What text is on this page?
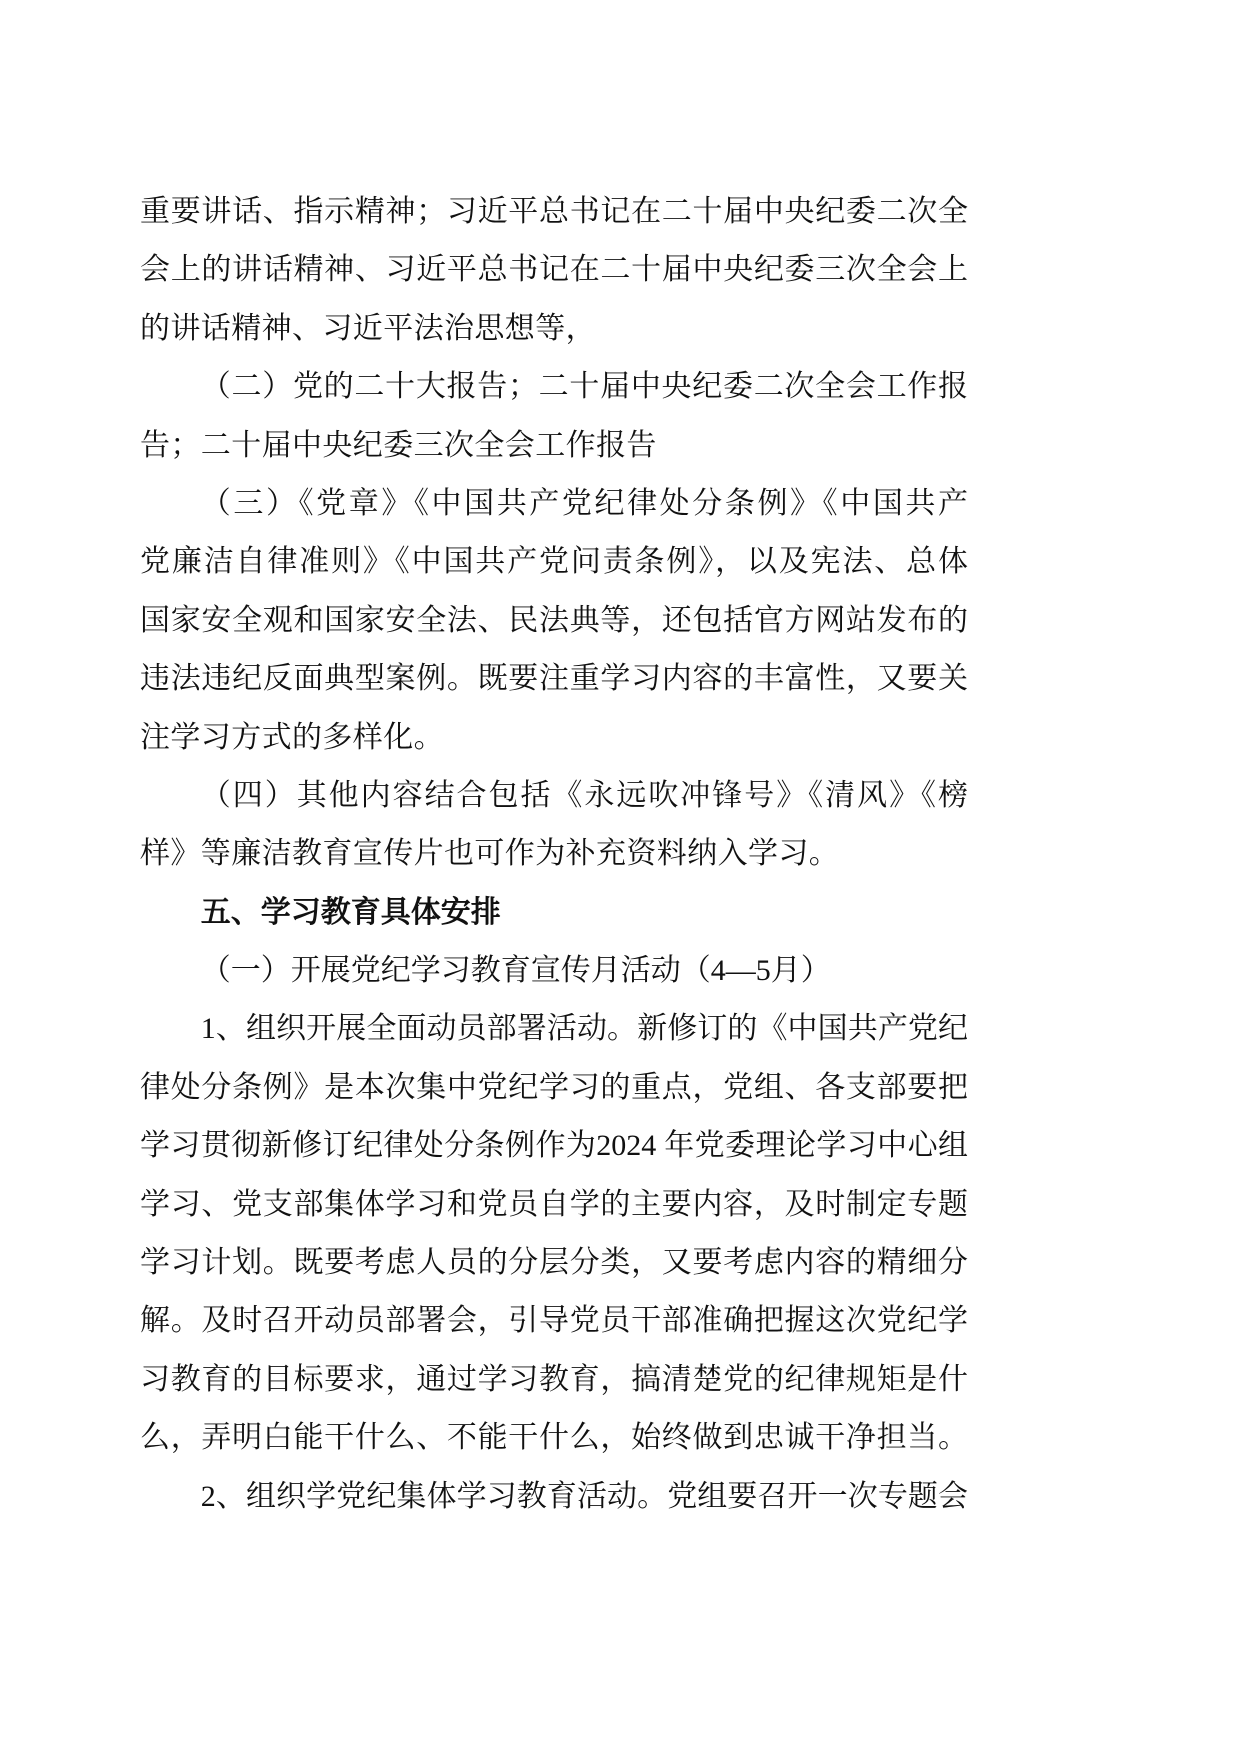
重要讲话、指示精神；习近平总书记在二十届中央纪委二次全
会上的讲话精神、习近平总书记在二十届中央纪委三次全会上
的讲话精神、习近平法治思想等，
（二）党的二十大报告；二十届中央纪委二次全会工作报
告；二十届中央纪委三次全会工作报告
（三）《党章》《中国共产党纪律处分条例》《中国共产
党廉洁自律准则》《中国共产党问责条例》，以及宪法、总体
国家安全观和国家安全法、民法典等，还包括官方网站发布的
违法违纪反面典型案例。既要注重学习内容的丰富性，又要关
注学习方式的多样化。
（四）其他内容结合包括《永远吹冲锋号》《清风》《榜
样》等廉洁教育宣传片也可作为补充资料纳入学习。
五、学习教育具体安排
（一）开展党纪学习教育宣传月活动（4—5月）
1、组织开展全面动员部署活动。新修订的《中国共产党纪
律处分条例》是本次集中党纪学习的重点，党组、各支部要把
学习贯彻新修订纪律处分条例作为2024 年党委理论学习中心组
学习、党支部集体学习和党员自学的主要内容，及时制定专题
学习计划。既要考虑人员的分层分类，又要考虑内容的精细分
解。及时召开动员部署会，引导党员干部准确把握这次党纪学
习教育的目标要求，通过学习教育，搞清楚党的纪律规矩是什
么，弄明白能干什么、不能干什么，始终做到忠诚干净担当。
2、组织学党纪集体学习教育活动。党组要召开一次专题会
